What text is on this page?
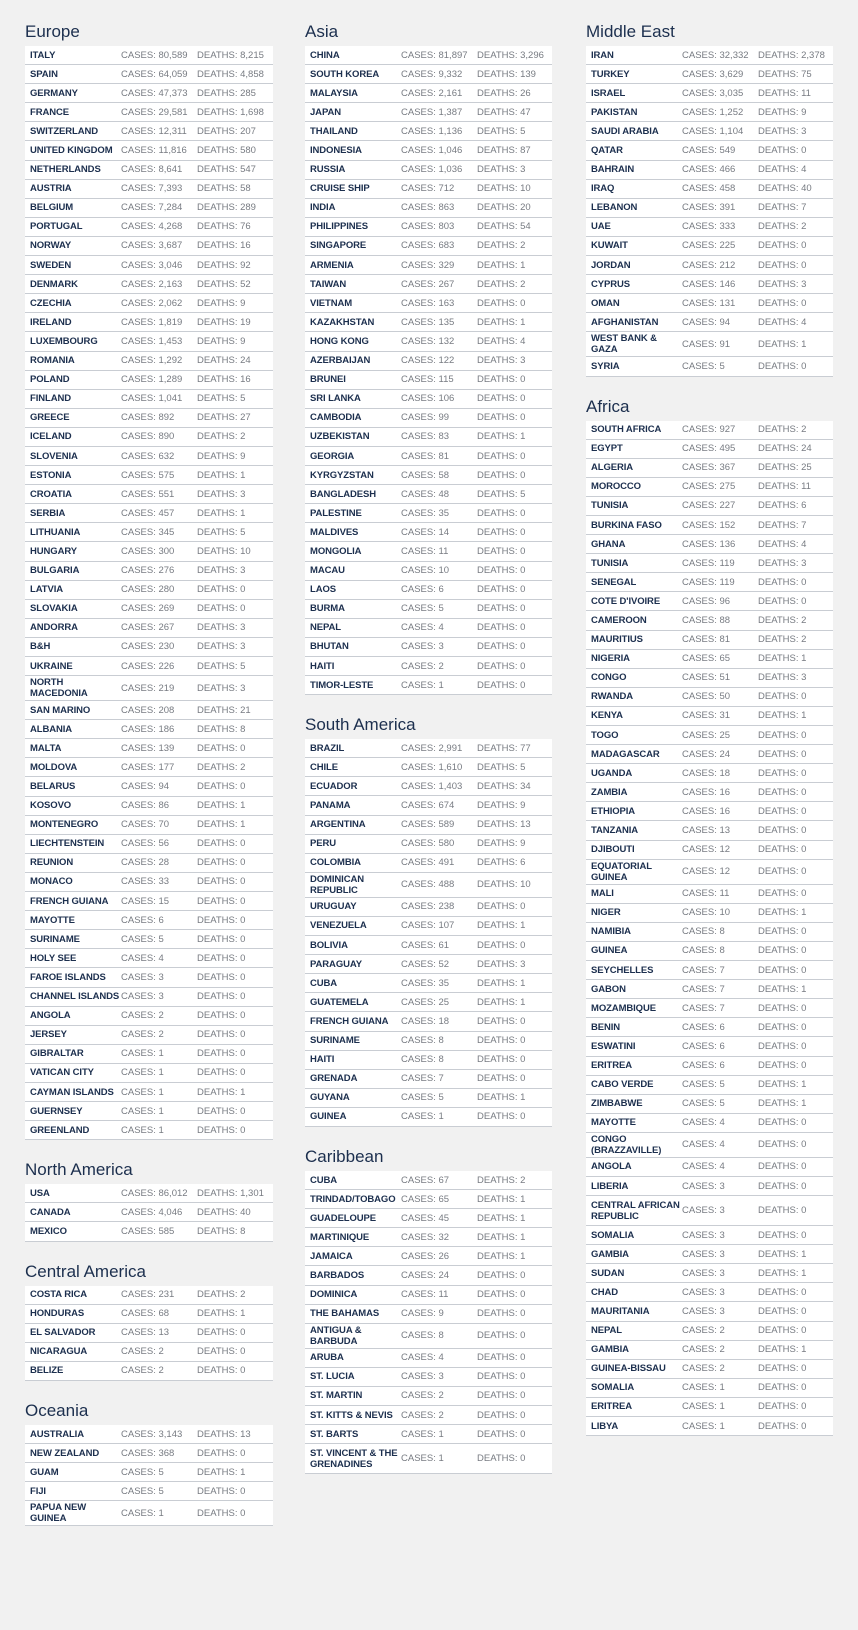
Europe
ITALY	CASES: 80,589 DEATHS: 8,215
SPAIN	CASES: 64,059 DEATHS: 4,858
GERMANY	CASES: 47,373 DEATHS: 285
FRANCE	CASES: 29,581 DEATHS: 1,698
SWITZERLAND	CASES: 12,311	DEATHS: 207
UNITED KINGDOM CASES: 11,816	DEATHS: 580
NETHERLANDS	CASES: 8,641	DEATHS: 547
AUSTRIA	CASES: 7,393	DEATHS: 58
BELGIUM	CASES: 7,284	DEATHS: 289
PORTUGAL	CASES: 4,268	DEATHS: 76
NORWAY	CASES: 3,687	DEATHS: 16
SWEDEN	CASES: 3,046	DEATHS: 92
DENMARK	CASES: 2,163	DEATHS: 52
CZECHIA	CASES: 2,062	DEATHS: 9
IRELAND	CASES: 1,819	DEATHS: 19
LUXEMBOURG	CASES: 1,453	DEATHS: 9
ROMANIA	CASES: 1,292	DEATHS: 24
POLAND	CASES: 1,289	DEATHS: 16
FINLAND	CASES: 1,041	DEATHS: 5
GREECE	CASES: 892	DEATHS: 27
ICELAND	CASES: 890	DEATHS: 2
SLOVENIA	CASES: 632	DEATHS: 9
ESTONIA	CASES: 575	DEATHS: 1
CROATIA	CASES: 551	DEATHS: 3
SERBIA	CASES: 457	DEATHS: 1
LITHUANIA	CASES: 345	DEATHS: 5
HUNGARY	CASES: 300	DEATHS: 10
BULGARIA	CASES: 276	DEATHS: 3
LATVIA	CASES: 280	DEATHS: 0
SLOVAKIA	CASES: 269	DEATHS: 0
ANDORRA	CASES: 267	DEATHS: 3
B&H	CASES: 230	DEATHS: 3
UKRAINE	CASES: 226	DEATHS: 5
NORTH MACEDONIA	CASES: 219	DEATHS: 3
SAN MARINO	CASES: 208	DEATHS: 21
ALBANIA	CASES: 186	DEATHS: 8
MALTA	CASES: 139	DEATHS: 0
MOLDOVA	CASES: 177	DEATHS: 2
BELARUS	CASES: 94	DEATHS: 0
KOSOVO	CASES: 86	DEATHS: 1
MONTENEGRO	CASES: 70	DEATHS: 1
LIECHTENSTEIN	CASES: 56	DEATHS: 0
REUNION	CASES: 28	DEATHS: 0
MONACO	CASES: 33	DEATHS: 0
FRENCH GUIANA	CASES: 15	DEATHS: 0
MAYOTTE	CASES: 6	DEATHS: 0
SURINAME	CASES: 5	DEATHS: 0
HOLY SEE	CASES: 4	DEATHS: 0
FAROE ISLANDS	CASES: 3	DEATHS: 0
CHANNEL ISLANDS CASES: 3	DEATHS: 0
ANGOLA	CASES: 2	DEATHS: 0
JERSEY	CASES: 2	DEATHS: 0
GIBRALTAR	CASES: 1	DEATHS: 0
VATICAN CITY	CASES: 1	DEATHS: 0
CAYMAN ISLANDS CASES: 1	DEATHS: 1
GUERNSEY	CASES: 1	DEATHS: 0
GREENLAND	CASES: 1	DEATHS: 0
North America
USA	CASES: 86,012 DEATHS: 1,301
CANADA	CASES: 4,046	DEATHS: 40
MEXICO	CASES: 585	DEATHS: 8
Central America
COSTA RICA	CASES: 231	DEATHS: 2
HONDURAS	CASES: 68	DEATHS: 1
EL SALVADOR	CASES: 13	DEATHS: 0
NICARAGUA	CASES: 2	DEATHS: 0
BELIZE	CASES: 2	DEATHS: 0
Oceania
AUSTRALIA	CASES: 3,143	DEATHS: 13
NEW ZEALAND	CASES: 368	DEATHS: 0
GUAM	CASES: 5	DEATHS: 1
FIJI	CASES: 5	DEATHS: 0
PAPUA NEW GUINEA	CASES: 1	DEATHS: 0
Asia
CHINA	CASES: 81,897 DEATHS: 3,296
SOUTH KOREA	CASES: 9,332	DEATHS: 139
MALAYSIA	CASES: 2,161	DEATHS: 26
JAPAN	CASES: 1,387	DEATHS: 47
THAILAND	CASES: 1,136	DEATHS: 5
INDONESIA	CASES: 1,046	DEATHS: 87
RUSSIA	CASES: 1,036	DEATHS: 3
CRUISE SHIP	CASES: 712	DEATHS: 10
INDIA	CASES: 863	DEATHS: 20
PHILIPPINES	CASES: 803	DEATHS: 54
SINGAPORE	CASES: 683	DEATHS: 2
ARMENIA	CASES: 329	DEATHS: 1
TAIWAN	CASES: 267	DEATHS: 2
VIETNAM	CASES: 163	DEATHS: 0
KAZAKHSTAN	CASES: 135	DEATHS: 1
HONG KONG	CASES: 132	DEATHS: 4
AZERBAIJAN	CASES: 122	DEATHS: 3
BRUNEI	CASES: 115	DEATHS: 0
SRI LANKA	CASES: 106	DEATHS: 0
CAMBODIA	CASES: 99	DEATHS: 0
UZBEKISTAN	CASES: 83	DEATHS: 1
GEORGIA	CASES: 81	DEATHS: 0
KYRGYZSTAN	CASES: 58	DEATHS: 0
BANGLADESH	CASES: 48	DEATHS: 5
PALESTINE	CASES: 35	DEATHS: 0
MALDIVES	CASES: 14	DEATHS: 0
MONGOLIA	CASES: 11	DEATHS: 0
MACAU	CASES: 10	DEATHS: 0
LAOS	CASES: 6	DEATHS: 0
BURMA	CASES: 5	DEATHS: 0
NEPAL	CASES: 4	DEATHS: 0
BHUTAN	CASES: 3	DEATHS: 0
HAITI	CASES: 2	DEATHS: 0
TIMOR-LESTE	CASES: 1	DEATHS: 0
South America
BRAZIL	CASES: 2,991	DEATHS: 77
CHILE	CASES: 1,610	DEATHS: 5
ECUADOR	CASES: 1,403	DEATHS: 34
PANAMA	CASES: 674	DEATHS: 9
ARGENTINA	CASES: 589	DEATHS: 13
PERU	CASES: 580	DEATHS: 9
COLOMBIA	CASES: 491	DEATHS: 6
DOMINICAN REPUBLIC	CASES: 488	DEATHS: 10
URUGUAY	CASES: 238	DEATHS: 0
VENEZUELA	CASES: 107	DEATHS: 1
BOLIVIA	CASES: 61	DEATHS: 0
PARAGUAY	CASES: 52	DEATHS: 3
CUBA	CASES: 35	DEATHS: 1
GUATEMELA	CASES: 25	DEATHS: 1
FRENCH GUIANA	CASES: 18	DEATHS: 0
SURINAME	CASES: 8	DEATHS: 0
HAITI	CASES: 8	DEATHS: 0
GRENADA	CASES: 7	DEATHS: 0
GUYANA	CASES: 5	DEATHS: 1
GUINEA	CASES: 1	DEATHS: 0
Caribbean
CUBA	CASES: 67	DEATHS: 2
TRINDAD/TOBAGO CASES: 65	DEATHS: 1
GUADELOUPE	CASES: 45	DEATHS: 1
MARTINIQUE	CASES: 32	DEATHS: 1
JAMAICA	CASES: 26	DEATHS: 1
BARBADOS	CASES: 24	DEATHS: 0
DOMINICA	CASES: 11	DEATHS: 0
THE BAHAMAS	CASES: 9	DEATHS: 0
ANTIGUA & BARBUDA	CASES: 8	DEATHS: 0
ARUBA	CASES: 4	DEATHS: 0
ST. LUCIA	CASES: 3	DEATHS: 0
ST. MARTIN	CASES: 2	DEATHS: 0
ST. KITTS & NEVIS CASES: 2	DEATHS: 0
ST. BARTS	CASES: 1	DEATHS: 0
ST. VINCENT & THE GRENADINES	CASES: 1	DEATHS: 0
Middle East
IRAN	CASES: 32,332 DEATHS: 2,378
TURKEY	CASES: 3,629	DEATHS: 75
ISRAEL	CASES: 3,035	DEATHS: 11
PAKISTAN	CASES: 1,252	DEATHS: 9
SAUDI ARABIA	CASES: 1,104	DEATHS: 3
QATAR	CASES: 549	DEATHS: 0
BAHRAIN	CASES: 466	DEATHS: 4
IRAQ	CASES: 458	DEATHS: 40
LEBANON	CASES: 391	DEATHS: 7
UAE	CASES: 333	DEATHS: 2
KUWAIT	CASES: 225	DEATHS: 0
JORDAN	CASES: 212	DEATHS: 0
CYPRUS	CASES: 146	DEATHS: 3
OMAN	CASES: 131	DEATHS: 0
AFGHANISTAN	CASES: 94	DEATHS: 4
WEST BANK & GAZA	CASES: 91	DEATHS: 1
SYRIA	CASES: 5	DEATHS: 0
Africa
SOUTH AFRICA	CASES: 927	DEATHS: 2
EGYPT	CASES: 495	DEATHS: 24
ALGERIA	CASES: 367	DEATHS: 25
MOROCCO	CASES: 275	DEATHS: 11
TUNISIA	CASES: 227	DEATHS: 6
BURKINA FASO	CASES: 152	DEATHS: 7
GHANA	CASES: 136	DEATHS: 4
TUNISIA	CASES: 119	DEATHS: 3
SENEGAL	CASES: 119	DEATHS: 0
COTE D'IVOIRE	CASES: 96	DEATHS: 0
CAMEROON	CASES: 88	DEATHS: 2
MAURITIUS	CASES: 81	DEATHS: 2
NIGERIA	CASES: 65	DEATHS: 1
CONGO	CASES: 51	DEATHS: 3
RWANDA	CASES: 50	DEATHS: 0
KENYA	CASES: 31	DEATHS: 1
TOGO	CASES: 25	DEATHS: 0
MADAGASCAR	CASES: 24	DEATHS: 0
UGANDA	CASES: 18	DEATHS: 0
ZAMBIA	CASES: 16	DEATHS: 0
ETHIOPIA	CASES: 16	DEATHS: 0
TANZANIA	CASES: 13	DEATHS: 0
DJIBOUTI	CASES: 12	DEATHS: 0
EQUATORIAL GUINEA	CASES: 12	DEATHS: 0
MALI	CASES: 11	DEATHS: 0
NIGER	CASES: 10	DEATHS: 1
NAMIBIA	CASES: 8	DEATHS: 0
GUINEA	CASES: 8	DEATHS: 0
SEYCHELLES	CASES: 7	DEATHS: 0
GABON	CASES: 7	DEATHS: 1
MOZAMBIQUE	CASES: 7	DEATHS: 0
BENIN	CASES: 6	DEATHS: 0
ESWATINI	CASES: 6	DEATHS: 0
ERITREA	CASES: 6	DEATHS: 0
CABO VERDE	CASES: 5	DEATHS: 1
ZIMBABWE	CASES: 5	DEATHS: 1
MAYOTTE	CASES: 4	DEATHS: 0
CONGO (BRAZZAVILLE)	CASES: 4	DEATHS: 0
ANGOLA	CASES: 4	DEATHS: 0
LIBERIA	CASES: 3	DEATHS: 0
CENTRAL AFRICAN REPUBLIC	CASES: 3	DEATHS: 0
SOMALIA	CASES: 3	DEATHS: 0
GAMBIA	CASES: 3	DEATHS: 1
SUDAN	CASES: 3	DEATHS: 1
CHAD	CASES: 3	DEATHS: 0
MAURITANIA	CASES: 3	DEATHS: 0
NEPAL	CASES: 2	DEATHS: 0
GAMBIA	CASES: 2	DEATHS: 1
GUINEA-BISSAU	CASES: 2	DEATHS: 0
SOMALIA	CASES: 1	DEATHS: 0
ERITREA	CASES: 1	DEATHS: 0
LIBYA	CASES: 1	DEATHS: 0
